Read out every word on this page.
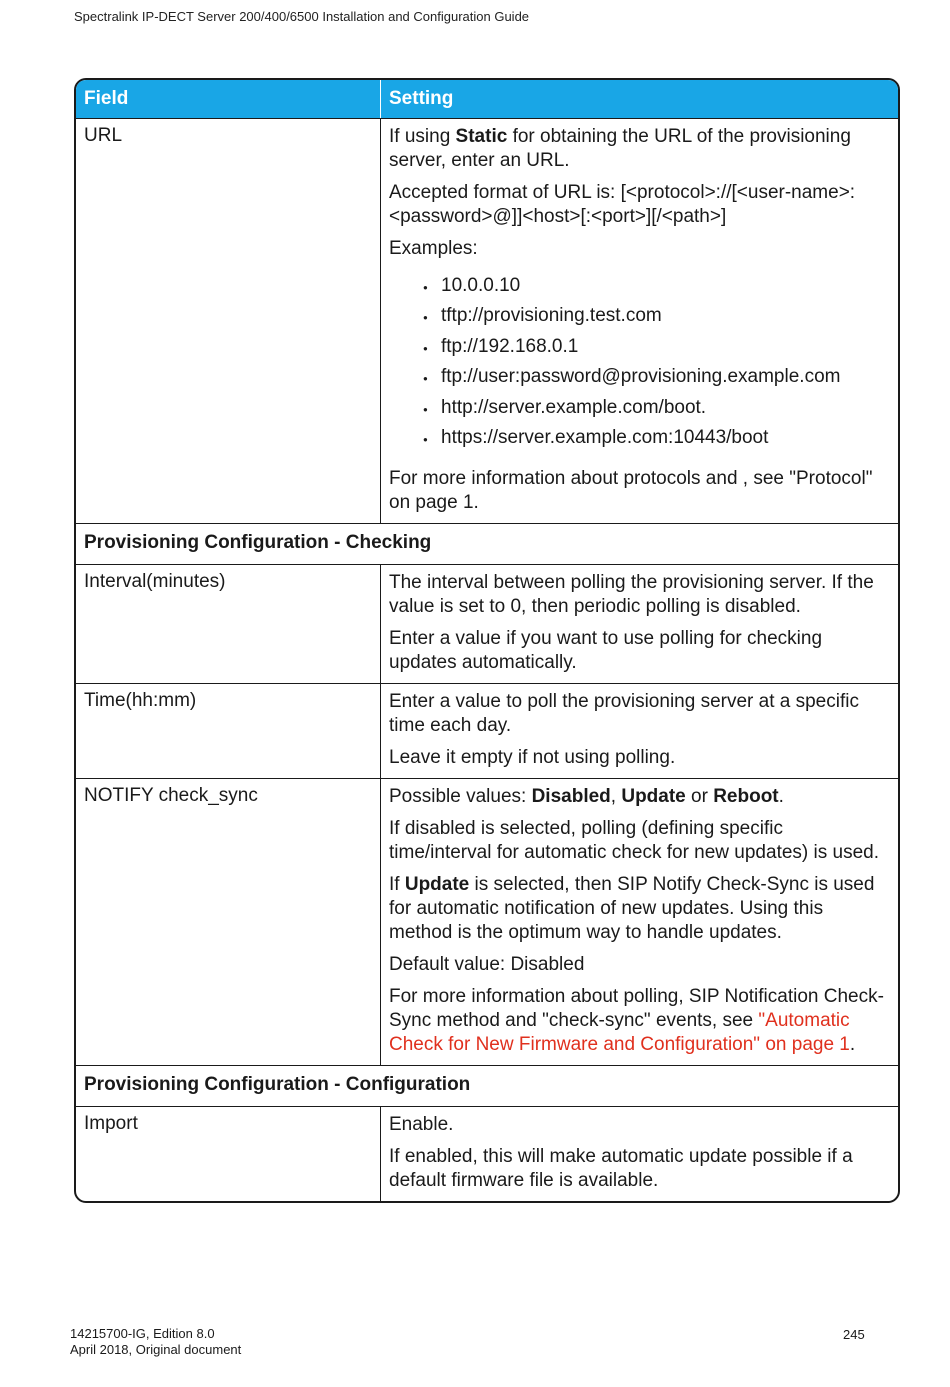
Spectralink IP-DECT Server 200/400/6500 Installation and Configuration Guide
Field	Setting
URL	If using Static for obtaining the URL of the provisioning server, enter an URL.

Accepted format of URL is: [<protocol>://[<user-name>:<password>@]]<host>[:<port>][/<path>]

Examples:

● 10.0.0.10
● tftp://provisioning.test.com
● ftp://192.168.0.1
● ftp://user:password@provisioning.example.com
● http://server.example.com/boot.
● https://server.example.com:10443/boot

For more information about protocols and , see "Protocol" on page 1.

Provisioning Configuration - Checking
Interval(minutes)	The interval between polling the provisioning server. If the value is set to 0, then periodic polling is disabled.

Enter a value if you want to use polling for checking updates automatically.

Time(hh:mm)	Enter a value to poll the provisioning server at a specific time each day.

Leave it empty if not using polling.

NOTIFY check_sync	Possible values: Disabled, Update or Reboot.

If disabled is selected, polling (defining specific time/interval for automatic check for new updates) is used.

If Update is selected, then SIP Notify Check-Sync is used for automatic notification of new updates. Using this method is the optimum way to handle updates.

Default value: Disabled

For more information about polling, SIP Notification Check-Sync method and "check-sync" events, see "Automatic Check for New Firmware and Configuration" on page 1.

Provisioning Configuration - Configuration
Import	Enable.

If enabled, this will make automatic update possible if a default firmware file is available.

14215700-IG, Edition 8.0
April 2018, Original document
245
